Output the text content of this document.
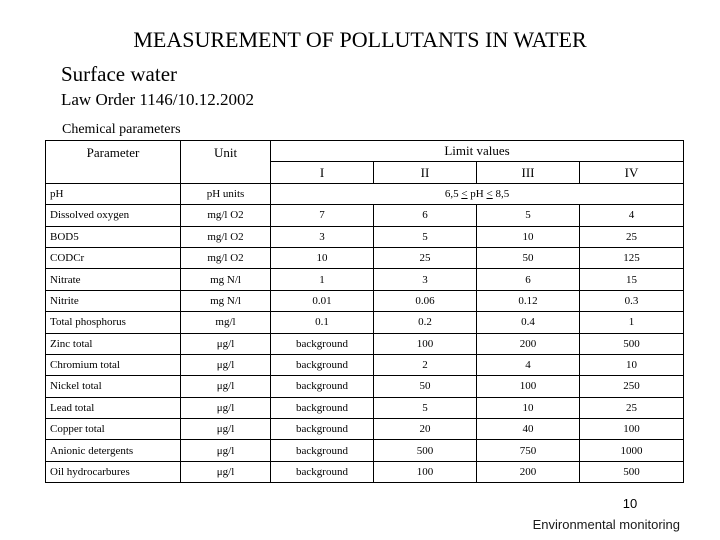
MEASUREMENT OF POLLUTANTS IN WATER
Surface water
Law Order 1146/10.12.2002
Chemical parameters
Parameter	Unit	Limit values			
		I	II	III	IV
pH	pH units	6,5 < pH < 8,5			
Dissolved oxygen	mg/l O2	7	6	5	4
BOD5	mg/l O2	3	5	10	25
CODCr	mg/l O2	10	25	50	125
Nitrate	mg N/l	1	3	6	15
Nitrite	mg N/l	0.01	0.06	0.12	0.3
Total phosphorus	mg/l	0.1	0.2	0.4	1
Zinc total	μg/l	background	100	200	500
Chromium total	μg/l	background	2	4	10
Nickel total	μg/l	background	50	100	250
Lead total	μg/l	background	5	10	25
Copper total	μg/l	background	20	40	100
Anionic detergents	μg/l	background	500	750	1000
Oil hydrocarbures	μg/l	background	100	200	500
10
Environmental monitoring
